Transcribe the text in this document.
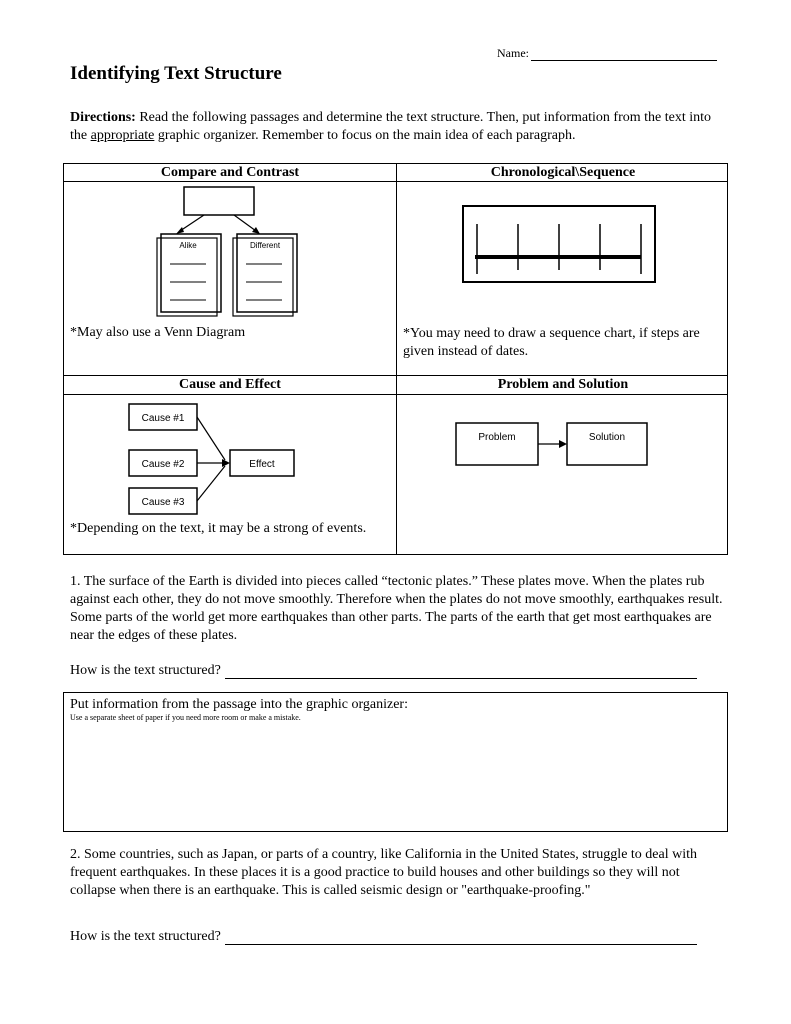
Name:
Identifying Text Structure
Directions: Read the following passages and determine the text structure. Then, put information from the text into the appropriate graphic organizer. Remember to focus on the main idea of each paragraph.
Compare and Contrast
Alike	Different
*May also use a Venn Diagram
Chronological\Sequence
*You may need to draw a sequence chart, if steps are given instead of dates.
Cause and Effect
Cause #1
Cause #2
Cause #3
Effect
*Depending on the text, it may be a strong of events.
Problem and Solution
Problem	Solution
1. The surface of the Earth is divided into pieces called “tectonic plates.” These plates move. When the plates rub against each other, they do not move smoothly. Therefore when the plates do not move smoothly, earthquakes result. Some parts of the world get more earthquakes than other parts. The parts of the earth that get most earthquakes are near the edges of these plates.
How is the text structured?
Put information from the passage into the graphic organizer:
Use a separate sheet of paper if you need more room or make a mistake.
2. Some countries, such as Japan, or parts of a country, like California in the United States, struggle to deal with frequent earthquakes. In these places it is a good practice to build houses and other buildings so they will not collapse when there is an earthquake. This is called seismic design or "earthquake-proofing."
How is the text structured?
